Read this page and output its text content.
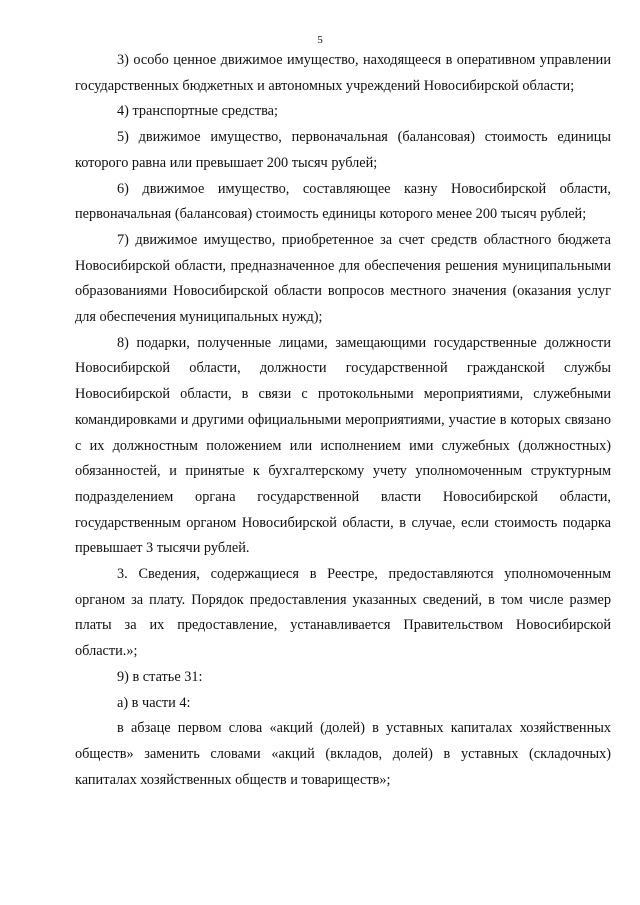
5

3) особо ценное движимое имущество, находящееся в оперативном управлении государственных бюджетных и автономных учреждений Новосибирской области;

4) транспортные средства;

5) движимое имущество, первоначальная (балансовая) стоимость единицы которого равна или превышает 200 тысяч рублей;

6) движимое имущество, составляющее казну Новосибирской области, первоначальная (балансовая) стоимость единицы которого менее 200 тысяч рублей;

7) движимое имущество, приобретенное за счет средств областного бюджета Новосибирской области, предназначенное для обеспечения решения муниципальными образованиями Новосибирской области вопросов местного значения (оказания услуг для обеспечения муниципальных нужд);

8) подарки, полученные лицами, замещающими государственные должности Новосибирской области, должности государственной гражданской службы Новосибирской области, в связи с протокольными мероприятиями, служебными командировками и другими официальными мероприятиями, участие в которых связано с их должностным положением или исполнением ими служебных (должностных) обязанностей, и принятые к бухгалтерскому учету уполномоченным структурным подразделением органа государственной власти Новосибирской области, государственным органом Новосибирской области, в случае, если стоимость подарка превышает 3 тысячи рублей.

3. Сведения, содержащиеся в Реестре, предоставляются уполномоченным органом за плату. Порядок предоставления указанных сведений, в том числе размер платы за их предоставление, устанавливается Правительством Новосибирской области.»;

9) в статье 31:

а) в части 4:

в абзаце первом слова «акций (долей) в уставных капиталах хозяйственных обществ» заменить словами «акций (вкладов, долей) в уставных (складочных) капиталах хозяйственных обществ и товариществ»;
